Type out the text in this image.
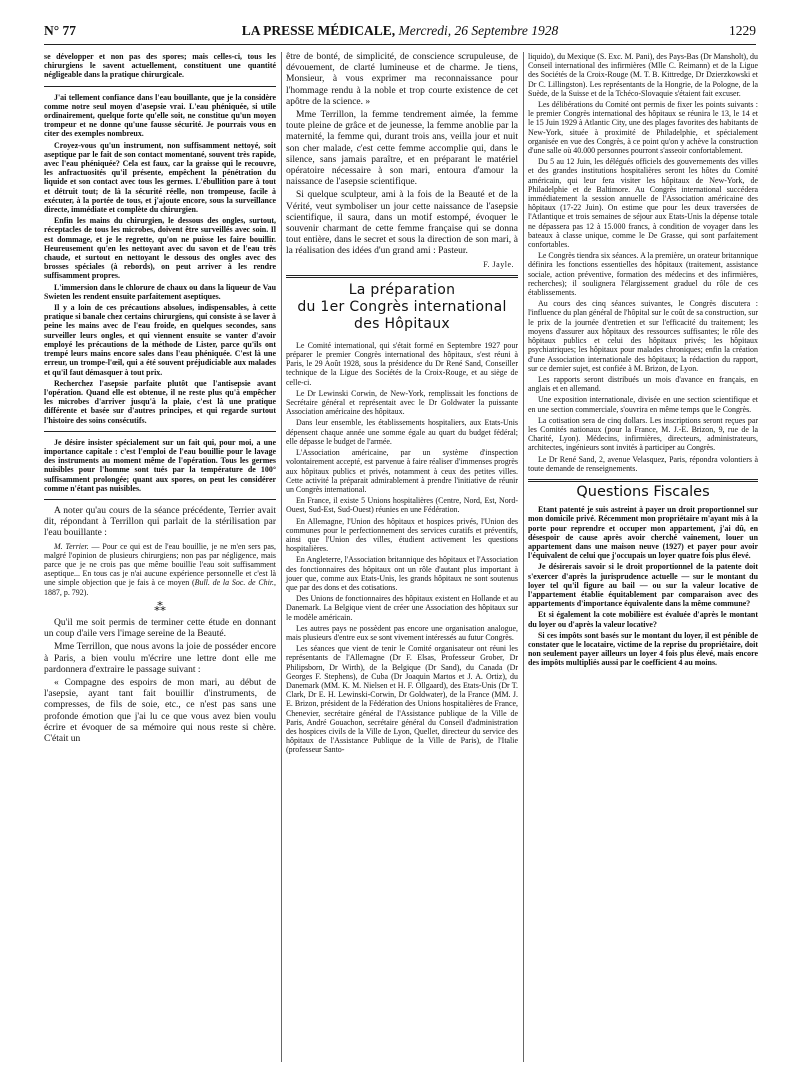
N° 77	LA PRESSE MÉDICALE, Mercredi, 26 Septembre 1928	1229

se développer et non pas des spores; mais celles-ci, tous les chirurgiens le savent actuellement, constituent une quantité négligeable dans la pratique chirurgicale.

J'ai tellement confiance dans l'eau bouillante, que je la considère comme notre seul moyen d'asepsie vrai. L'eau phéniquée, si utile ordinairement, quelque forte qu'elle soit, ne constitue qu'un moyen trompeur et ne donne qu'une fausse sécurité. Je pourrais vous en citer des exemples nombreux.

Croyez-vous qu'un instrument, non suffisamment nettoyé, soit aseptique par le fait de son contact momentané, souvent très rapide, avec l'eau phéniquée? Cela est faux, car la graisse qui le recouvre, les anfractuosités qu'il présente, empêchent la pénétration du liquide et son contact avec tous les germes. L'ébullition pare à tout et détruit tout; de là la sécurité réelle, non trompeuse, facile à exécuter, à la portée de tous, et j'ajoute encore, sous la surveillance directe, immédiate et complète du chirurgien.

Enfin les mains du chirurgien, le dessous des ongles, surtout, réceptacles de tous les microbes, doivent être surveillés avec soin. Il est dommage, et je le regrette, qu'on ne puisse les faire bouillir. Heureusement qu'en les nettoyant avec du savon et de l'eau très chaude, et surtout en nettoyant le dessous des ongles avec des brosses spéciales (à rebords), on peut arriver à les rendre suffisamment propres.

L'immersion dans le chlorure de chaux ou dans la liqueur de Vau Swieten les rendent ensuite parfaitement aseptiques.

Il y a loin de ces précautions absolues, indispensables, à cette pratique si banale chez certains chirurgiens, qui consiste à se laver à peine les mains avec de l'eau froide, en quelques secondes, sans surveiller leurs ongles, et qui viennent ensuite se vanter d'avoir employé les précautions de la méthode de Lister, parce qu'ils ont trempé leurs mains encore sales dans l'eau phéniquée. C'est là une erreur, un trompe-l'œil, qui a été souvent préjudiciable aux malades et qu'il faut démasquer à tout prix.

Recherchez l'asepsie parfaite plutôt que l'antisepsie avant l'opération. Quand elle est obtenue, il ne reste plus qu'à empêcher les microbes d'arriver jusqu'à la plaie, c'est là une pratique différente et basée sur d'autres principes, et qui regarde surtout l'histoire des soins consécutifs.

Je désire insister spécialement sur un fait qui, pour moi, a une importance capitale : c'est l'emploi de l'eau bouillie pour le lavage des instruments au moment même de l'opération. Tous les germes nuisibles pour l'homme sont tués par la température de 100° suffisamment prolongée; quant aux spores, on peut les considérer comme n'étant pas nuisibles.

A noter qu'au cours de la séance précédente, Terrier avait dit, répondant à Terrillon qui parlait de la stérilisation par l'eau bouillante :

M. Terrier. — Pour ce qui est de l'eau bouillie, je ne m'en sers pas, malgré l'opinion de plusieurs chirurgiens; non pas par négligence, mais parce que je ne crois pas que même bouillie l'eau soit suffisamment aseptique... En tous cas je n'ai aucune expérience personnelle et c'est là une simple objection que je fais à ce moyen (Bull. de la Soc. de Chir., 1887, p. 792).

⁂

Qu'il me soit permis de terminer cette étude en donnant un coup d'aile vers l'image sereine de la Beauté.

Mme Terrillon, que nous avons la joie de posséder encore à Paris, a bien voulu m'écrire une lettre dont elle me pardonnera d'extraire le passage suivant :

« Compagne des espoirs de mon mari, au début de l'asepsie, ayant tant fait bouillir d'instruments, de compresses, de fils de soie, etc., ce n'est pas sans une profonde émotion que j'ai lu ce que vous avez bien voulu écrire et évoquer de sa mémoire qui nous reste si chère. C'était un

être de bonté, de simplicité, de conscience scrupuleuse, de dévouement, de clarté lumineuse et de charme. Je tiens, Monsieur, à vous exprimer ma reconnaissance pour l'hommage rendu à la noble et trop courte existence de cet apôtre de la science. »

Mme Terrillon, la femme tendrement aimée, la femme toute pleine de grâce et de jeunesse, la femme anoblie par la maternité, la femme qui, durant trois ans, veilla jour et nuit son cher malade, c'est cette femme accomplie qui, dans le silence, sans jamais paraître, et en préparant le matériel opératoire nécessaire à son mari, entoura d'amour la naissance de l'asepsie scientifique.

Si quelque sculpteur, ami à la fois de la Beauté et de la Vérité, veut symboliser un jour cette naissance de l'asepsie scientifique, il saura, dans un motif estompé, évoquer le souvenir charmant de cette femme française qui se donna tout entière, dans le secret et sous la direction de son mari, à la réalisation des idées d'un grand ami : Pasteur.

F. Jayle.
La préparation
du 1er Congrès international des Hôpitaux

Le Comité international, qui s'était formé en Septembre 1927 pour préparer le premier Congrès international des hôpitaux, s'est réuni à Paris, le 29 Août 1928, sous la présidence du Dr René Sand, Conseiller technique de la Ligue des Sociétés de la Croix-Rouge, et au siège de celle-ci.

Le Dr Lewinski Corwin, de New-York, remplissait les fonctions de Secrétaire général et représentait avec le Dr Goldwater la puissante Association américaine des hôpitaux.

Dans leur ensemble, les établissements hospitaliers, aux Etats-Unis dépensent chaque année une somme égale au quart du budget fédéral; elle dépasse le budget de l'armée.

L'Association américaine, par un système d'inspection volontairement accepté, est parvenue à faire réaliser d'immenses progrès aux hôpitaux publics et privés, notamment à ceux des petites villes. Cette activité la préparait admirablement à prendre l'initiative de réunir un Congrès international.

En France, il existe 5 Unions hospitalières (Centre, Nord, Est, Nord-Ouest, Sud-Est, Sud-Ouest) réunies en une Fédération.

En Allemagne, l'Union des hôpitaux et hospices privés, l'Union des communes pour le perfectionnement des services curatifs et préventifs, ainsi que l'Union des villes, étudient activement les questions hospitalières.

En Angleterre, l'Association britannique des hôpitaux et l'Association des fonctionnaires des hôpitaux ont un rôle d'autant plus important à jouer que, comme aux Etats-Unis, les grands hôpitaux ne sont soutenus que par des dons et des cotisations.

Des Unions de fonctionnaires des hôpitaux existent en Hollande et au Danemark. La Belgique vient de créer une Association des hôpitaux sur le modèle américain.

Les autres pays ne possèdent pas encore une organisation analogue, mais plusieurs d'entre eux se sont vivement intéressés au futur Congrès.

Les séances que vient de tenir le Comité organisateur ont réuni les représentants de l'Allemagne (Dr F. Elsas, Professeur Grober, Dr Philipsborn, Dr Wirth), de la Belgique (Dr Sand), du Canada (Dr Georges F. Stephens), de Cuba (Dr Joaquin Martos et J. A. Ortiz), du Danemark (MM. K. M. Nielsen et H. F. Ollgaard), des Etats-Unis (Dr T. Clark, Dr E. H. Lewinski-Corwin, Dr Goldwater), de la France (MM. J. E. Brizon, président de la Fédération des Unions hospitalières de France, Chenevier, secrétaire général de l'Assistance publique de la Ville de Paris, André Gouachon, secrétaire général du Conseil d'administration des hospices civils de la Ville de Lyon, Quellet, directeur du service des hôpitaux de l'Assistance Publique de la Ville de Paris), de l'Italie (professeur Santo-

liquido), du Mexique (S. Exc. M. Pani), des Pays-Bas (Dr Mansholt), du Conseil international des infirmières (Mlle C. Reimann) et de la Ligue des Sociétés de la Croix-Rouge (M. T. B. Kittredge, Dr Dzierzkowski et Dr C. Lillingston). Les représentants de la Hongrie, de la Pologne, de la Suède, de la Suisse et de la Tchéco-Slovaquie s'étaient fait excuser.

Les délibérations du Comité ont permis de fixer les points suivants : le premier Congrès international des hôpitaux se réunira le 13, le 14 et le 15 Juin 1929 à Atlantic City, une des plages favorites des habitants de New-York, située à proximité de Philadelphie, et spécialement organisée en vue des Congrès, à ce point qu'on y achève la construction d'une salle où 40.000 personnes pourront s'asseoir confortablement.

Du 5 au 12 Juin, les délégués officiels des gouvernements des villes et des grandes institutions hospitalières seront les hôtes du Comité américain, qui leur fera visiter les hôpitaux de New-York, de Philadelphie et de Baltimore. Au Congrès international succédera immédiatement la session annuelle de l'Association américaine des hôpitaux (17-22 Juin). On estime que pour les deux traversées de l'Atlantique et trois semaines de séjour aux Etats-Unis la dépense totale ne dépassera pas 12 à 15.000 francs, à condition de voyager dans les bateaux à classe unique, comme le De Grasse, qui sont parfaitement confortables.

Le Congrès tiendra six séances. A la première, un orateur britannique définira les fonctions essentielles des hôpitaux (traitement, assistance sociale, action préventive, formation des médecins et des infirmières, recherches); il soulignera l'élargissement graduel du rôle de ces établissements.

Au cours des cinq séances suivantes, le Congrès discutera : l'influence du plan général de l'hôpital sur le coût de sa construction, sur le prix de la journée d'entretien et sur l'efficacité du traitement; les moyens d'assurer aux hôpitaux des ressources suffisantes; le rôle des hôpitaux publics et celui des hôpitaux privés; les hôpitaux psychiatriques; les hôpitaux pour malades chroniques; enfin la création d'une Association internationale des hôpitaux; la rédaction du rapport, sur ce dernier sujet, est confiée à M. Brizon, de Lyon.

Les rapports seront distribués un mois d'avance en français, en anglais et en allemand.

Une exposition internationale, divisée en une section scientifique et en une section commerciale, s'ouvrira en même temps que le Congrès.

La cotisation sera de cinq dollars. Les inscriptions seront reçues par les Comités nationaux (pour la France, M. J.-E. Brizon, 9, rue de la Charité, Lyon). Médecins, infirmières, directeurs, administrateurs, architectes, ingénieurs sont invités à participer au Congrès.

Le Dr René Sand, 2, avenue Velasquez, Paris, répondra volontiers à toute demande de renseignements.

Questions Fiscales

Etant patenté je suis astreint à payer un droit proportionnel sur mon domicile privé. Récemment mon propriétaire m'ayant mis à la porte pour reprendre et occuper mon appartement, j'ai dû, en désespoir de cause après avoir cherché vainement, louer un appartement dans une maison neuve (1927) et payer pour avoir l'équivalent de celui que j'occupais un loyer quatre fois plus élevé.

Je désirerais savoir si le droit proportionnel de la patente doit s'exercer d'après la jurisprudence actuelle — sur le montant du loyer tel qu'il figure au bail — ou sur la valeur locative de l'appartement établie équitablement par comparaison avec des appartements d'importance équivalente dans la même commune?

Et si également la cote mobilière est évaluée d'après le montant du loyer ou d'après la valeur locative?

Si ces impôts sont basés sur le montant du loyer, il est pénible de constater que le locataire, victime de la reprise du propriétaire, doit non seulement payer ailleurs un loyer 4 fois plus élevé, mais encore des impôts multipliés aussi par le coefficient 4 au moins.
